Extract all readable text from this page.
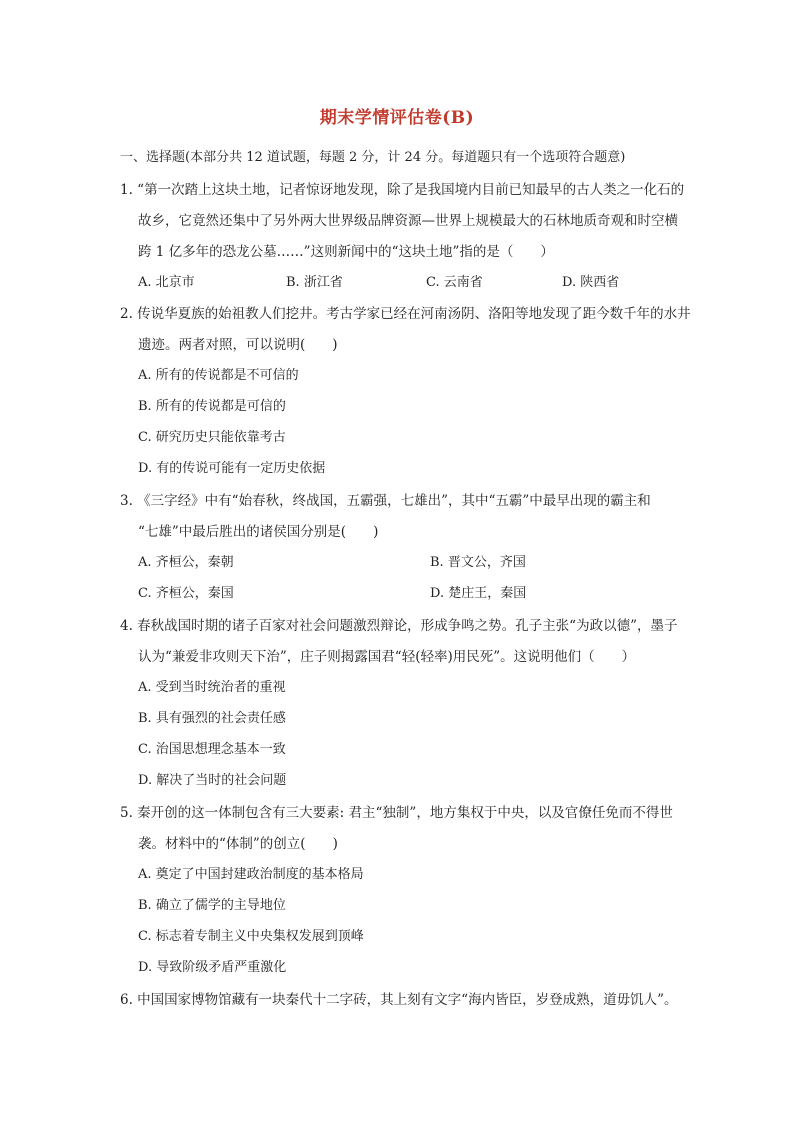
期末学情评估卷(B)
一、选择题(本部分共 12 道试题，每题 2 分，计 24 分。每道题只有一个选项符合题意)
1. “第一次踏上这块土地，记者惊讶地发现，除了是我国境内目前已知最早的古人类之一化石的
故乡，它竟然还集中了另外两大世界级品牌资源—世界上规模最大的石林地质奇观和时空横
跨 1 亿多年的恐龙公墓……”这则新闻中的“这块土地”指的是（　　）
A. 北京市	B. 浙江省	C. 云南省	D. 陕西省
2. 传说华夏族的始祖教人们挖井。考古学家已经在河南汤阴、洛阳等地发现了距今数千年的水井
遗迹。两者对照，可以说明(　　)
A. 所有的传说都是不可信的
B. 所有的传说都是可信的
C. 研究历史只能依靠考古
D. 有的传说可能有一定历史依据
3. 《三字经》中有“始春秋，终战国，五霸强，七雄出”，其中“五霸”中最早出现的霸主和
“七雄”中最后胜出的诸侯国分别是(　　)
A. 齐桓公，秦朝	B. 晋文公，齐国
C. 齐桓公，秦国	D. 楚庄王，秦国
4. 春秋战国时期的诸子百家对社会问题激烈辩论，形成争鸣之势。孔子主张“为政以德”，墨子
认为“兼爱非攻则天下治”，庄子则揭露国君“轻(轻率)用民死”。这说明他们（　　）
A. 受到当时统治者的重视
B. 具有强烈的社会责任感
C. 治国思想理念基本一致
D. 解决了当时的社会问题
5. 秦开创的这一体制包含有三大要素: 君主“独制”，地方集权于中央，以及官僚任免而不得世
袭。材料中的“体制”的创立(　　)
A. 奠定了中国封建政治制度的基本格局
B. 确立了儒学的主导地位
C. 标志着专制主义中央集权发展到顶峰
D. 导致阶级矛盾严重激化
6. 中国国家博物馆藏有一块秦代十二字砖，其上刻有文字“海内皆臣，岁登成熟，道毋饥人”。
